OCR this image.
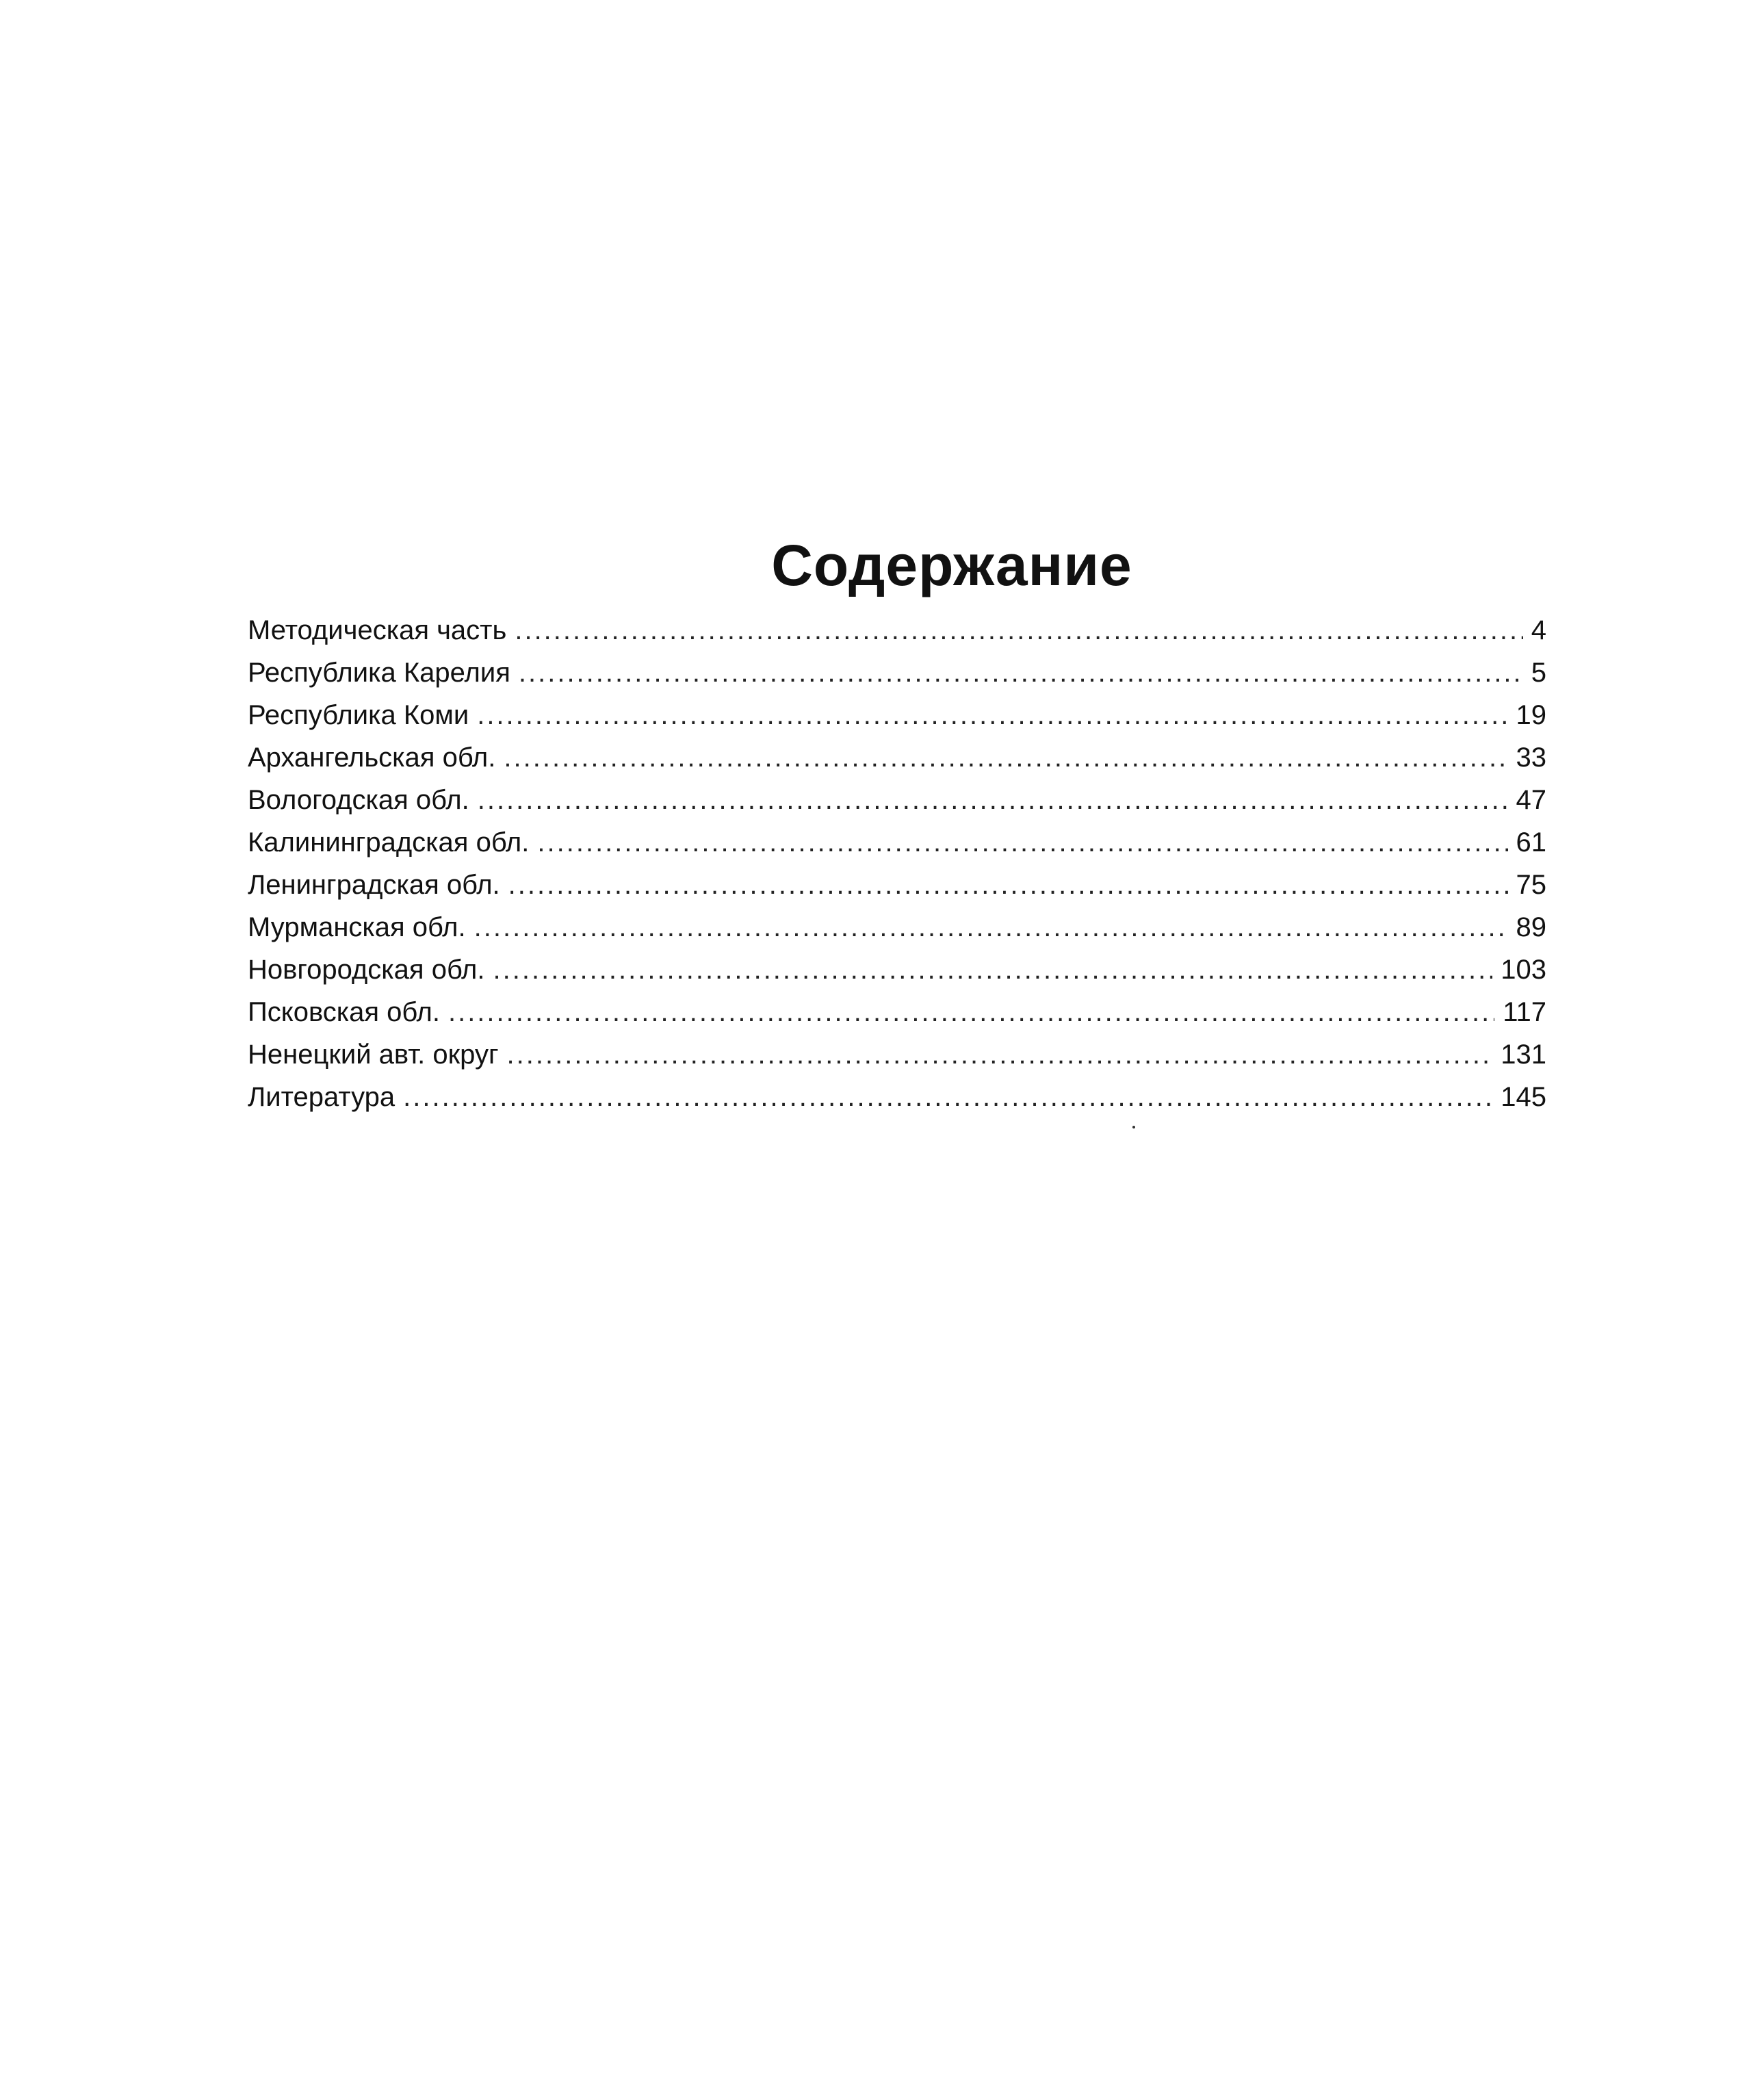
Содержание
Методическая часть .....	4
Республика Карелия .....	5
Республика Коми .....	19
Архангельская обл. .....	33
Вологодская обл. .....	47
Калининградская обл. .....	61
Ленинградская обл. .....	75
Мурманская обл. .....	89
Новгородская обл. .....	103
Псковская обл. .....	117
Ненецкий авт. округ .....	131
Литература .....	145
